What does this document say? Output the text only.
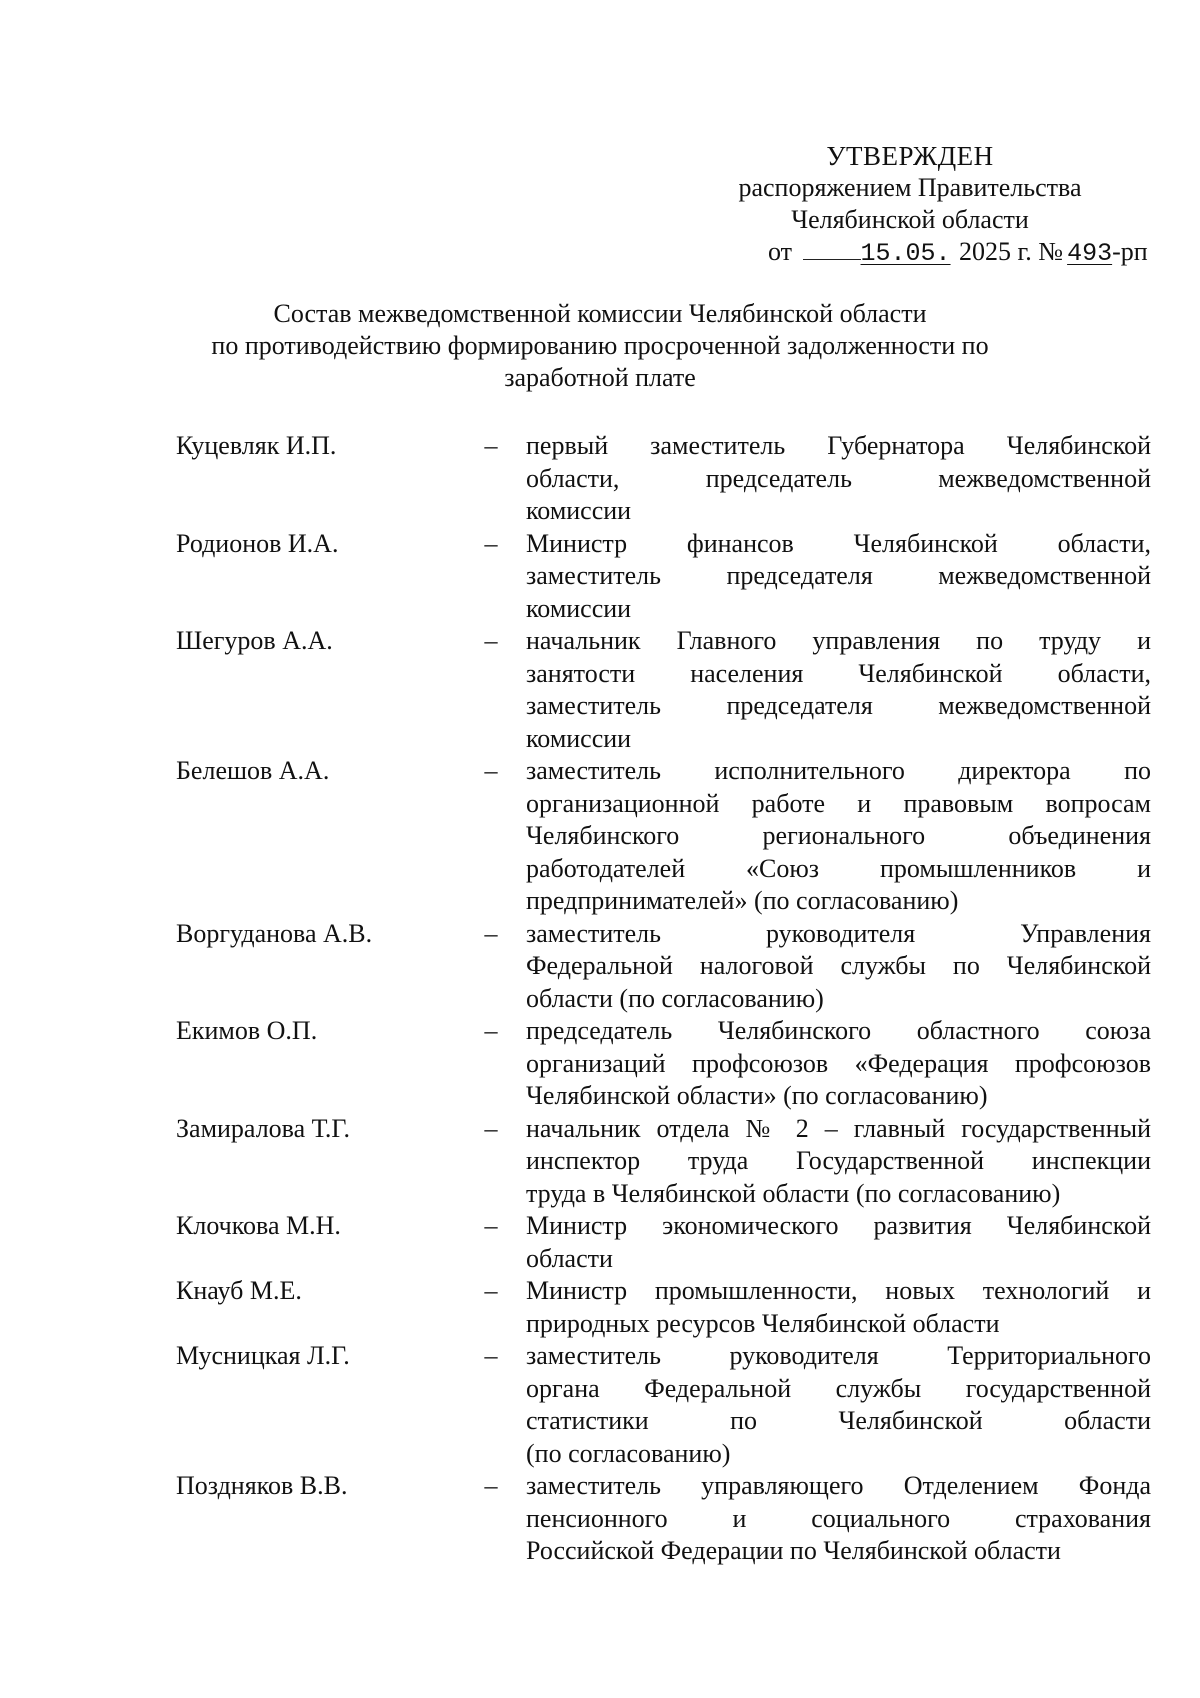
УТВЕРЖДЕН
распоряжением Правительства
Челябинской области
от	15.05. 2025 г. № 493-рп
Состав межведомственной комиссии Челябинской области
по противодействию формированию просроченной задолженности по
заработной плате
Куцевляк И.П.	–	первый заместитель Губернатора Челябинской
области, председатель межведомственной
комиссии
Родионов И.А.	–	Министр финансов Челябинской области,
заместитель председателя межведомственной
комиссии
Шегуров А.А.	–	начальник Главного управления по труду и
занятости населения Челябинской области,
заместитель председателя межведомственной
комиссии
Белешов А.А.	–	заместитель исполнительного директора по
организационной работе и правовым вопросам
Челябинского регионального объединения
работодателей «Союз промышленников и
предпринимателей» (по согласованию)
Воргуданова А.В.	–	заместитель руководителя Управления
Федеральной налоговой службы по Челябинской
области (по согласованию)
Екимов О.П.	–	председатель Челябинского областного союза
организаций профсоюзов «Федерация профсоюзов
Челябинской области» (по согласованию)
Замиралова Т.Г.	–	начальник отдела № 2 – главный государственный
инспектор труда Государственной инспекции
труда в Челябинской области (по согласованию)
Клочкова М.Н.	–	Министр экономического развития Челябинской
области
Кнауб М.Е.	–	Министр промышленности, новых технологий и
природных ресурсов Челябинской области
Мусницкая Л.Г.	–	заместитель руководителя Территориального
органа Федеральной службы государственной
статистики по Челябинской области
(по согласованию)
Поздняков В.В.	–	заместитель управляющего Отделением Фонда
пенсионного и социального страхования
Российской Федерации по Челябинской области
